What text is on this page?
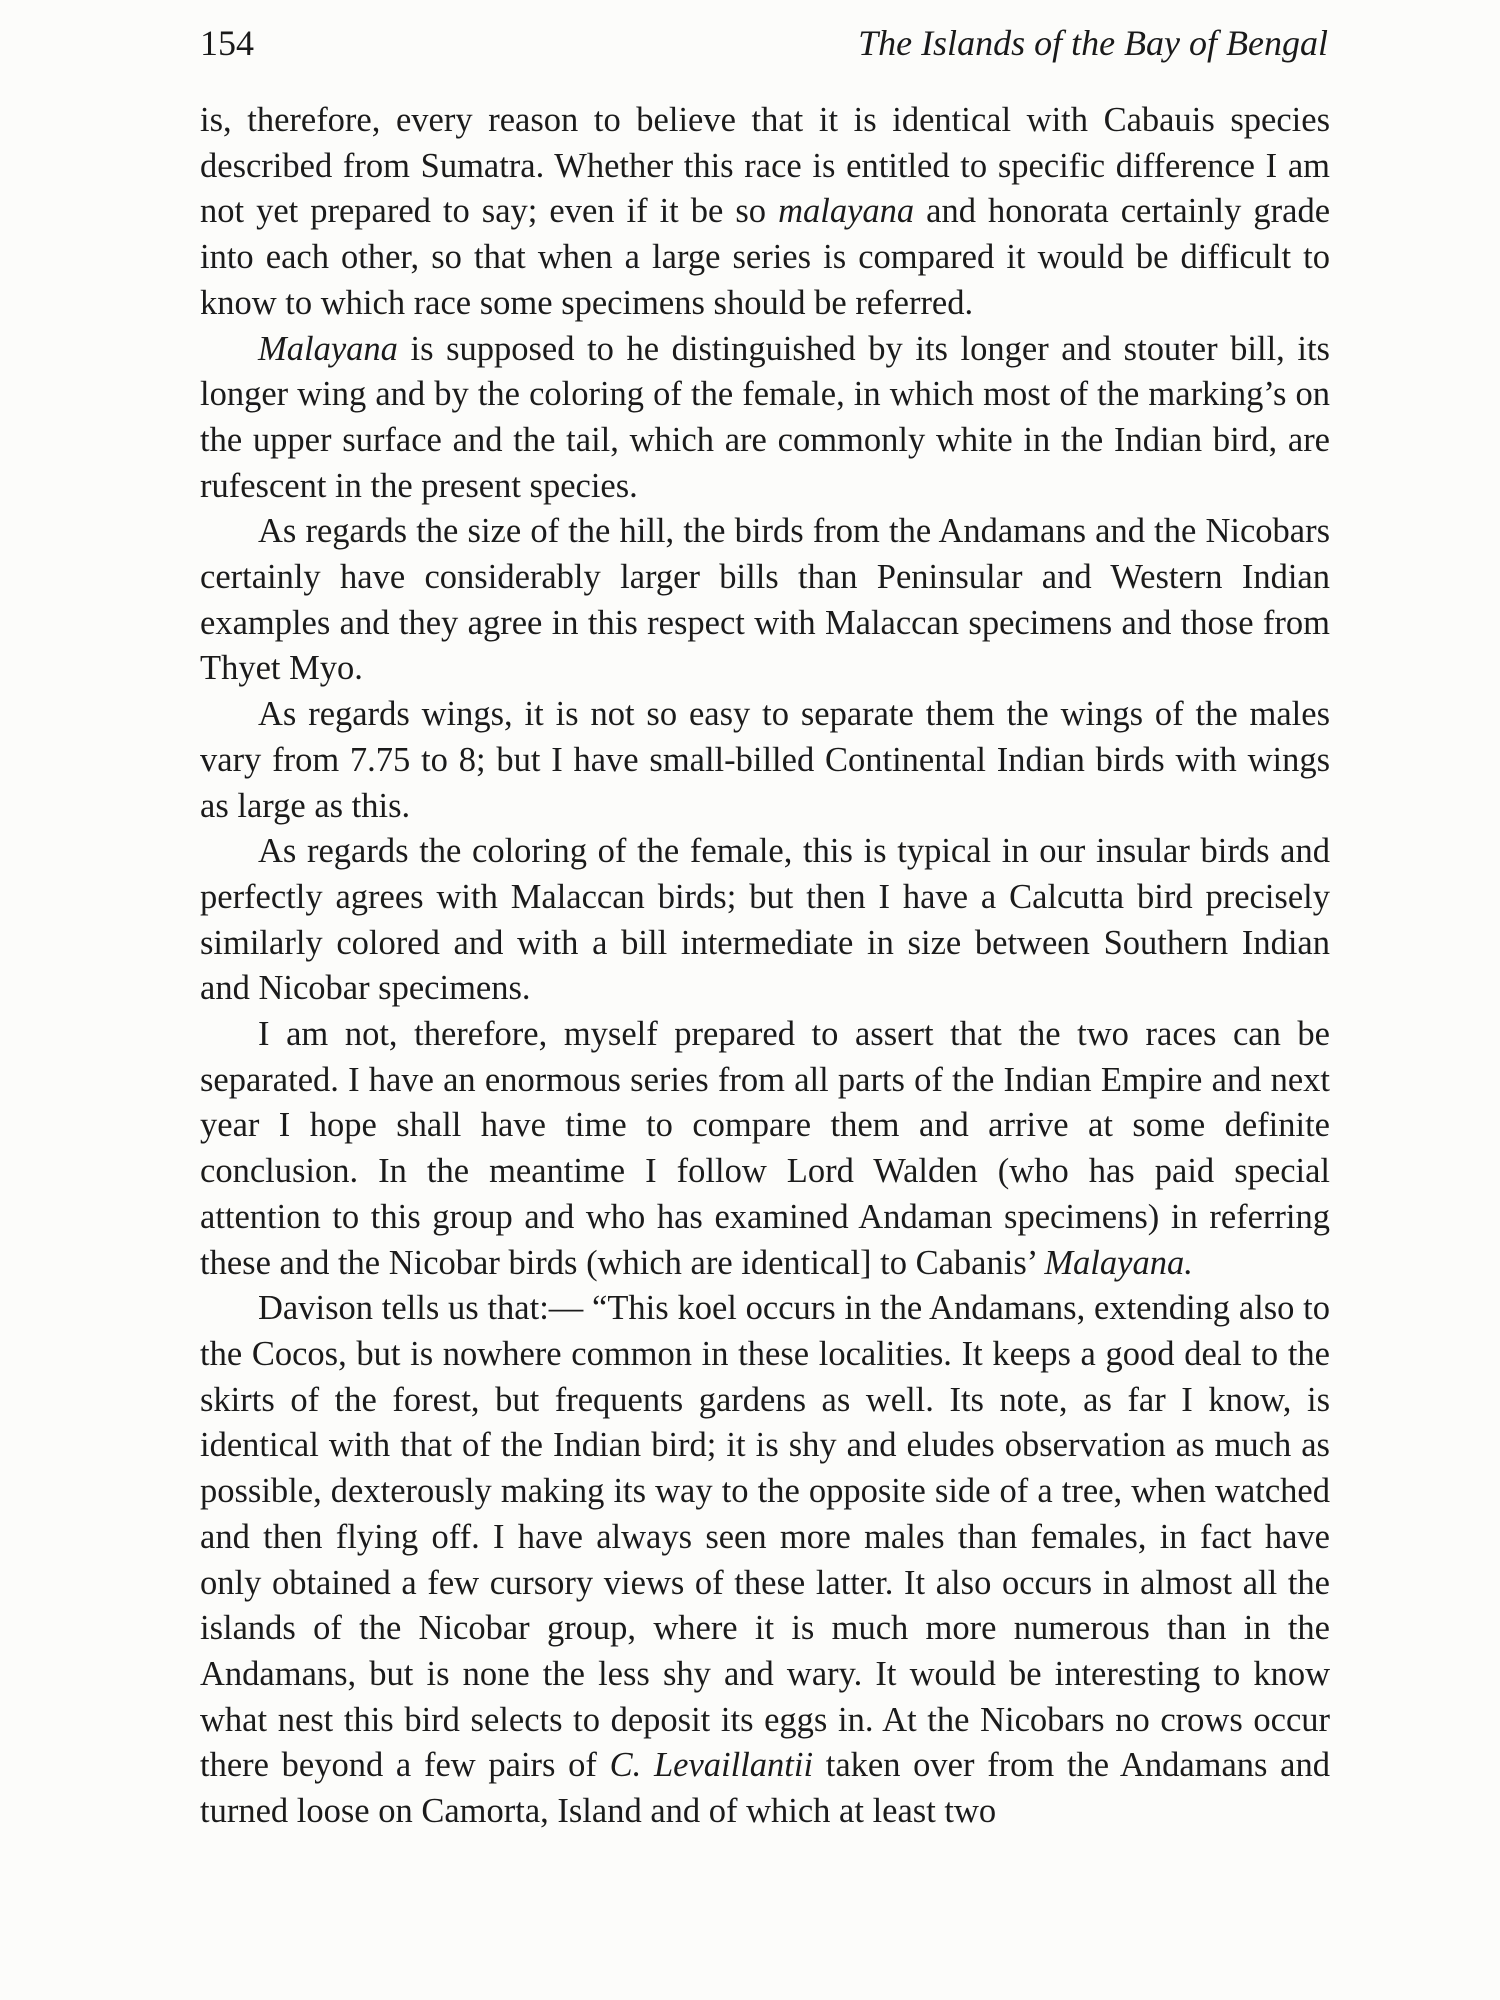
154	The Islands of the Bay of Bengal

is, therefore, every reason to believe that it is identical with Cabauis species described from Sumatra. Whether this race is entitled to specific difference I am not yet prepared to say; even if it be so malayana and honorata certainly grade into each other, so that when a large series is compared it would be difficult to know to which race some specimens should be referred.

Malayana is supposed to he distinguished by its longer and stouter bill, its longer wing and by the coloring of the female, in which most of the marking’s on the upper surface and the tail, which are commonly white in the Indian bird, are rufescent in the present species.

As regards the size of the hill, the birds from the Andamans and the Nicobars certainly have considerably larger bills than Peninsular and Western Indian examples and they agree in this respect with Malaccan specimens and those from Thyet Myo.

As regards wings, it is not so easy to separate them the wings of the males vary from 7.75 to 8; but I have small-billed Continental Indian birds with wings as large as this.

As regards the coloring of the female, this is typical in our insular birds and perfectly agrees with Malaccan birds; but then I have a Calcutta bird precisely similarly colored and with a bill intermediate in size between Southern Indian and Nicobar specimens.

I am not, therefore, myself prepared to assert that the two races can be separated. I have an enormous series from all parts of the Indian Empire and next year I hope shall have time to compare them and arrive at some definite conclusion. In the meantime I follow Lord Walden (who has paid special attention to this group and who has examined Andaman specimens) in referring these and the Nicobar birds (which are identical] to Cabanis’ Malayana.

Davison tells us that:— “This koel occurs in the Andamans, extending also to the Cocos, but is nowhere common in these localities. It keeps a good deal to the skirts of the forest, but frequents gardens as well. Its note, as far I know, is identical with that of the Indian bird; it is shy and eludes observation as much as possible, dexterously making its way to the opposite side of a tree, when watched and then flying off. I have always seen more males than females, in fact have only obtained a few cursory views of these latter. It also occurs in almost all the islands of the Nicobar group, where it is much more numerous than in the Andamans, but is none the less shy and wary. It would be interesting to know what nest this bird selects to deposit its eggs in. At the Nicobars no crows occur there beyond a few pairs of C. Levaillantii taken over from the Andamans and turned loose on Camorta, Island and of which at least two
